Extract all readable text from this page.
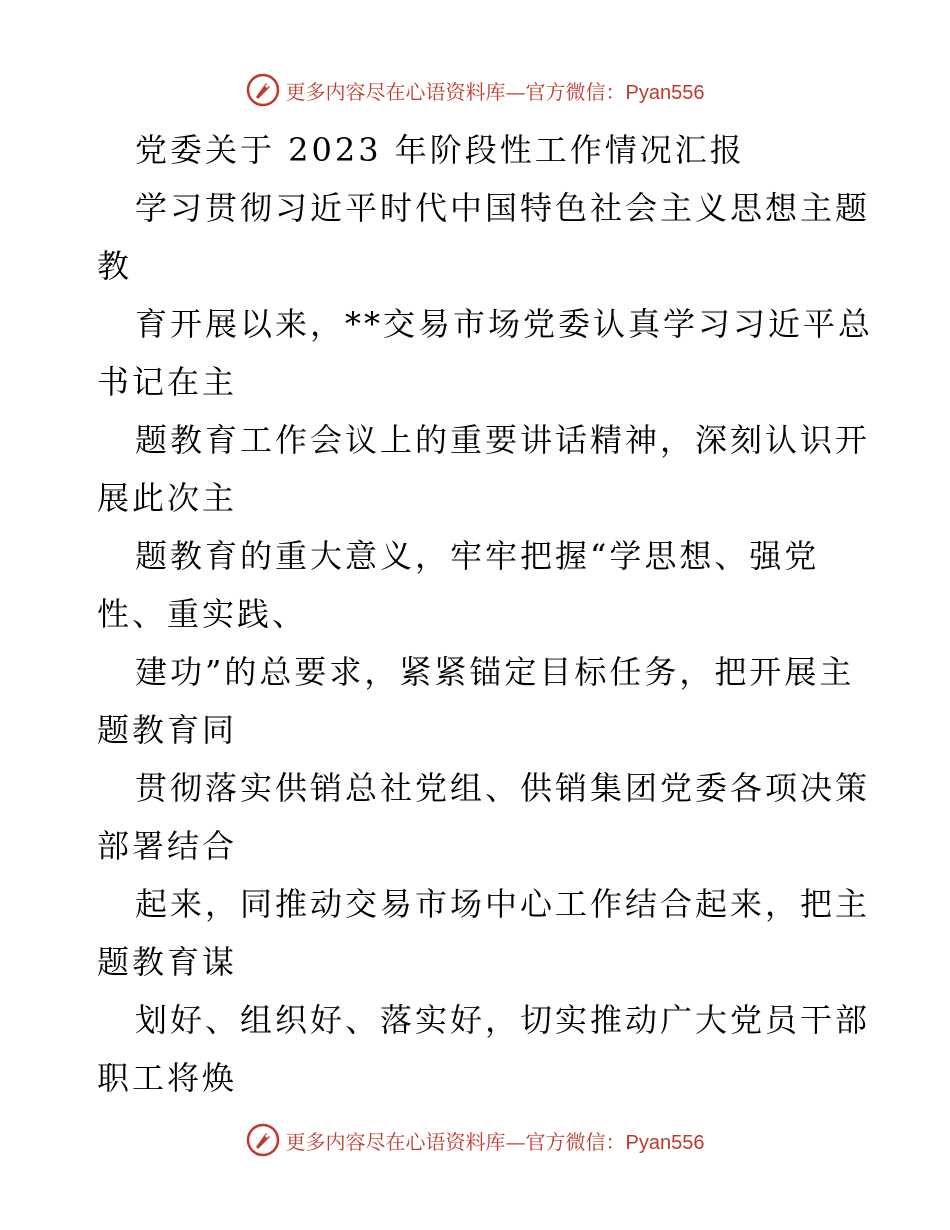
更多内容尽在心语资料库—官方微信：Pyan556
党委关于 2023 年阶段性工作情况汇报
学习贯彻习近平时代中国特色社会主义思想主题
教
育开展以来，**交易市场党委认真学习习近平总
书记在主
题教育工作会议上的重要讲话精神，深刻认识开
展此次主
题教育的重大意义，牢牢把握“学思想、强党
性、重实践、
建功”的总要求，紧紧锚定目标任务，把开展主
题教育同
贯彻落实供销总社党组、供销集团党委各项决策
部署结合
起来，同推动交易市场中心工作结合起来，把主
题教育谋
划好、组织好、落实好，切实推动广大党员干部
职工将焕
更多内容尽在心语资料库—官方微信：Pyan556
